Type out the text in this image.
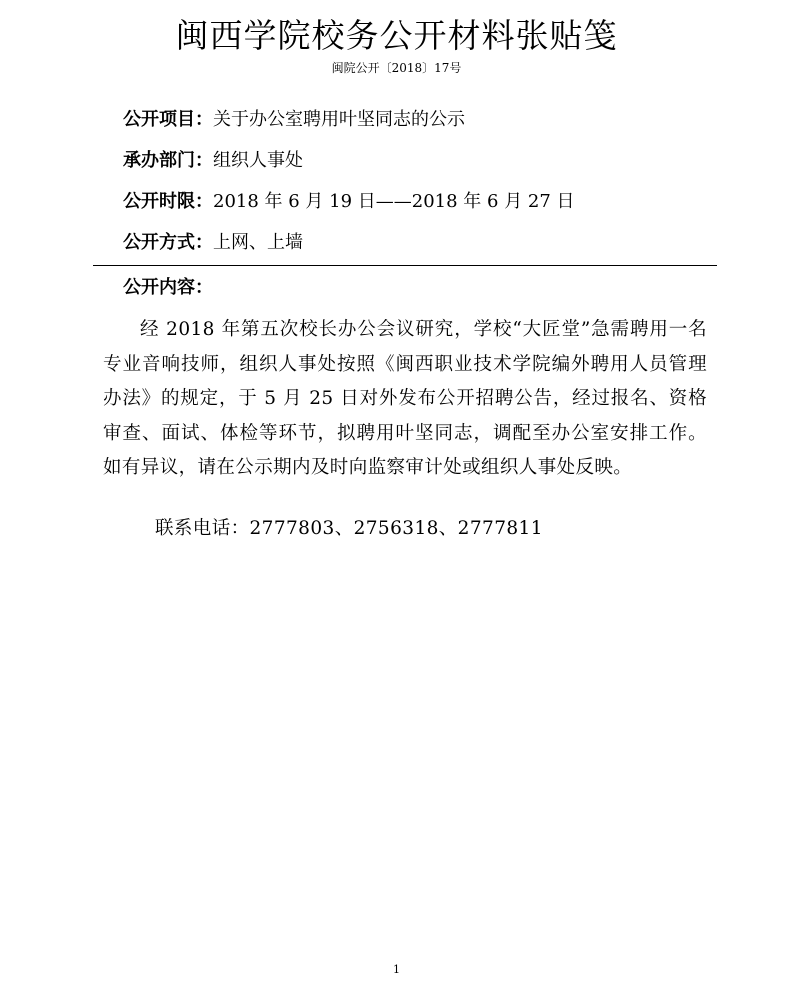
闽西学院校务公开材料张贴笺
闽院公开〔2018〕17号
公开项目：关于办公室聘用叶坚同志的公示
承办部门：组织人事处
公开时限：2018 年 6 月 19 日——2018 年 6 月 27 日
公开方式：上网、上墙
公开内容：
经 2018 年第五次校长办公会议研究，学校“大匠堂”急需聘用一名专业音响技师，组织人事处按照《闽西职业技术学院编外聘用人员管理办法》的规定，于 5 月 25 日对外发布公开招聘公告，经过报名、资格审查、面试、体检等环节，拟聘用叶坚同志，调配至办公室安排工作。如有异议，请在公示期内及时向监察审计处或组织人事处反映。
联系电话：2777803、2756318、2777811
1
